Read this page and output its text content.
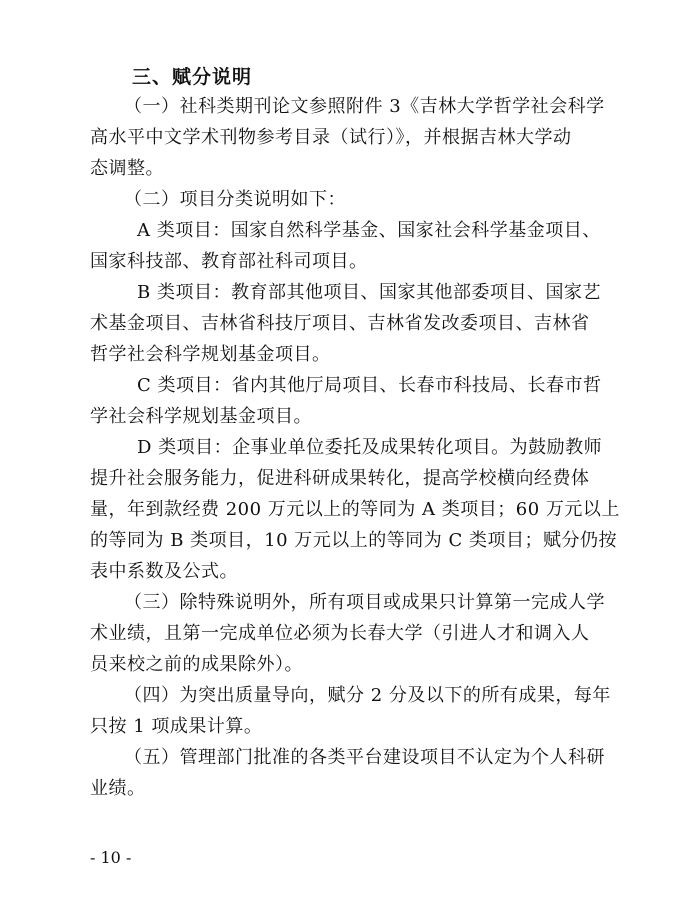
三、赋分说明
（一）社科类期刊论文参照附件 3《吉林大学哲学社会科学
高水平中文学术刊物参考目录（试行）》，并根据吉林大学动
态调整。
（二）项目分类说明如下：
A 类项目：国家自然科学基金、国家社会科学基金项目、
国家科技部、教育部社科司项目。
B 类项目：教育部其他项目、国家其他部委项目、国家艺
术基金项目、吉林省科技厅项目、吉林省发改委项目、吉林省
哲学社会科学规划基金项目。
C 类项目：省内其他厅局项目、长春市科技局、长春市哲
学社会科学规划基金项目。
D 类项目：企事业单位委托及成果转化项目。为鼓励教师
提升社会服务能力，促进科研成果转化，提高学校横向经费体
量，年到款经费 200 万元以上的等同为 A 类项目；60 万元以上
的等同为 B 类项目，10 万元以上的等同为 C 类项目；赋分仍按
表中系数及公式。
（三）除特殊说明外，所有项目或成果只计算第一完成人学
术业绩，且第一完成单位必须为长春大学（引进人才和调入人
员来校之前的成果除外）。
（四）为突出质量导向，赋分 2 分及以下的所有成果，每年
只按 1 项成果计算。
（五）管理部门批准的各类平台建设项目不认定为个人科研
业绩。
- 10 -
